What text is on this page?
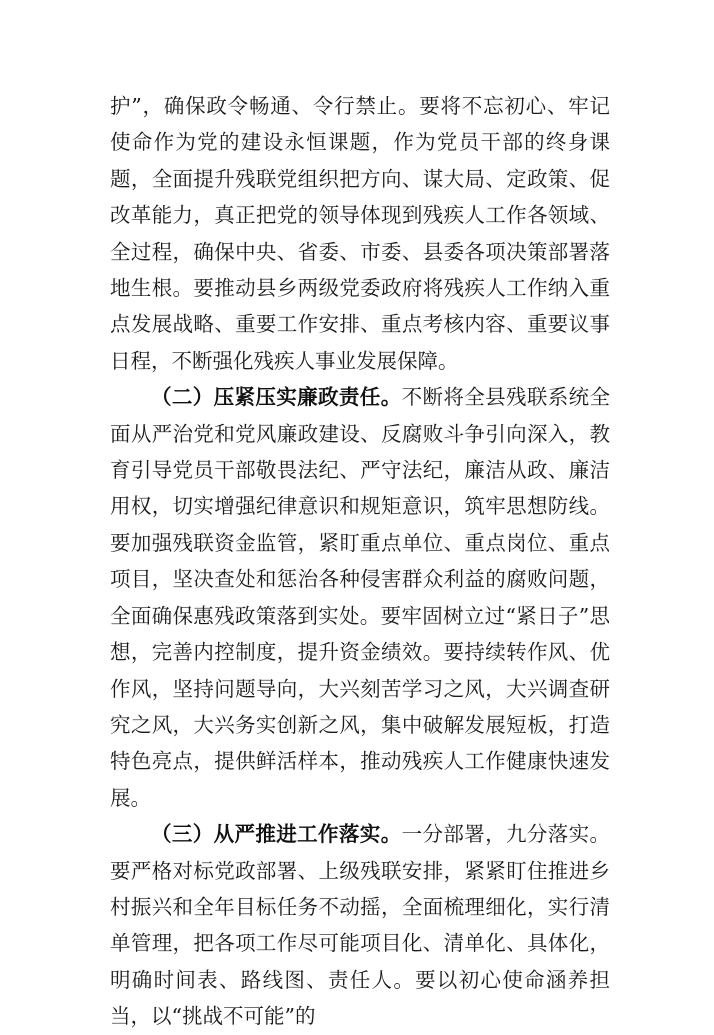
护”，确保政令畅通、令行禁止。要将不忘初心、牢记使命作为党的建设永恒课题，作为党员干部的终身课题，全面提升残联党组织把方向、谋大局、定政策、促改革能力，真正把党的领导体现到残疾人工作各领域、全过程，确保中央、省委、市委、县委各项决策部署落地生根。要推动县乡两级党委政府将残疾人工作纳入重点发展战略、重要工作安排、重点考核内容、重要议事日程，不断强化残疾人事业发展保障。

（二）压紧压实廉政责任。不断将全县残联系统全面从严治党和党风廉政建设、反腐败斗争引向深入，教育引导党员干部敬畏法纪、严守法纪，廉洁从政、廉洁用权，切实增强纪律意识和规矩意识，筑牢思想防线。要加强残联资金监管，紧盯重点单位、重点岗位、重点项目，坚决查处和惩治各种侵害群众利益的腐败问题，全面确保惠残政策落到实处。要牢固树立过“紧日子”思想，完善内控制度，提升资金绩效。要持续转作风、优作风，坚持问题导向，大兴刻苦学习之风，大兴调查研究之风，大兴务实创新之风，集中破解发展短板，打造特色亮点，提供鲜活样本，推动残疾人工作健康快速发展。

（三）从严推进工作落实。一分部署，九分落实。要严格对标党政部署、上级残联安排，紧紧盯住推进乡村振兴和全年目标任务不动摇，全面梳理细化，实行清单管理，把各项工作尽可能项目化、清单化、具体化，明确时间表、路线图、责任人。要以初心使命涵养担当，以“挑战不可能”的
